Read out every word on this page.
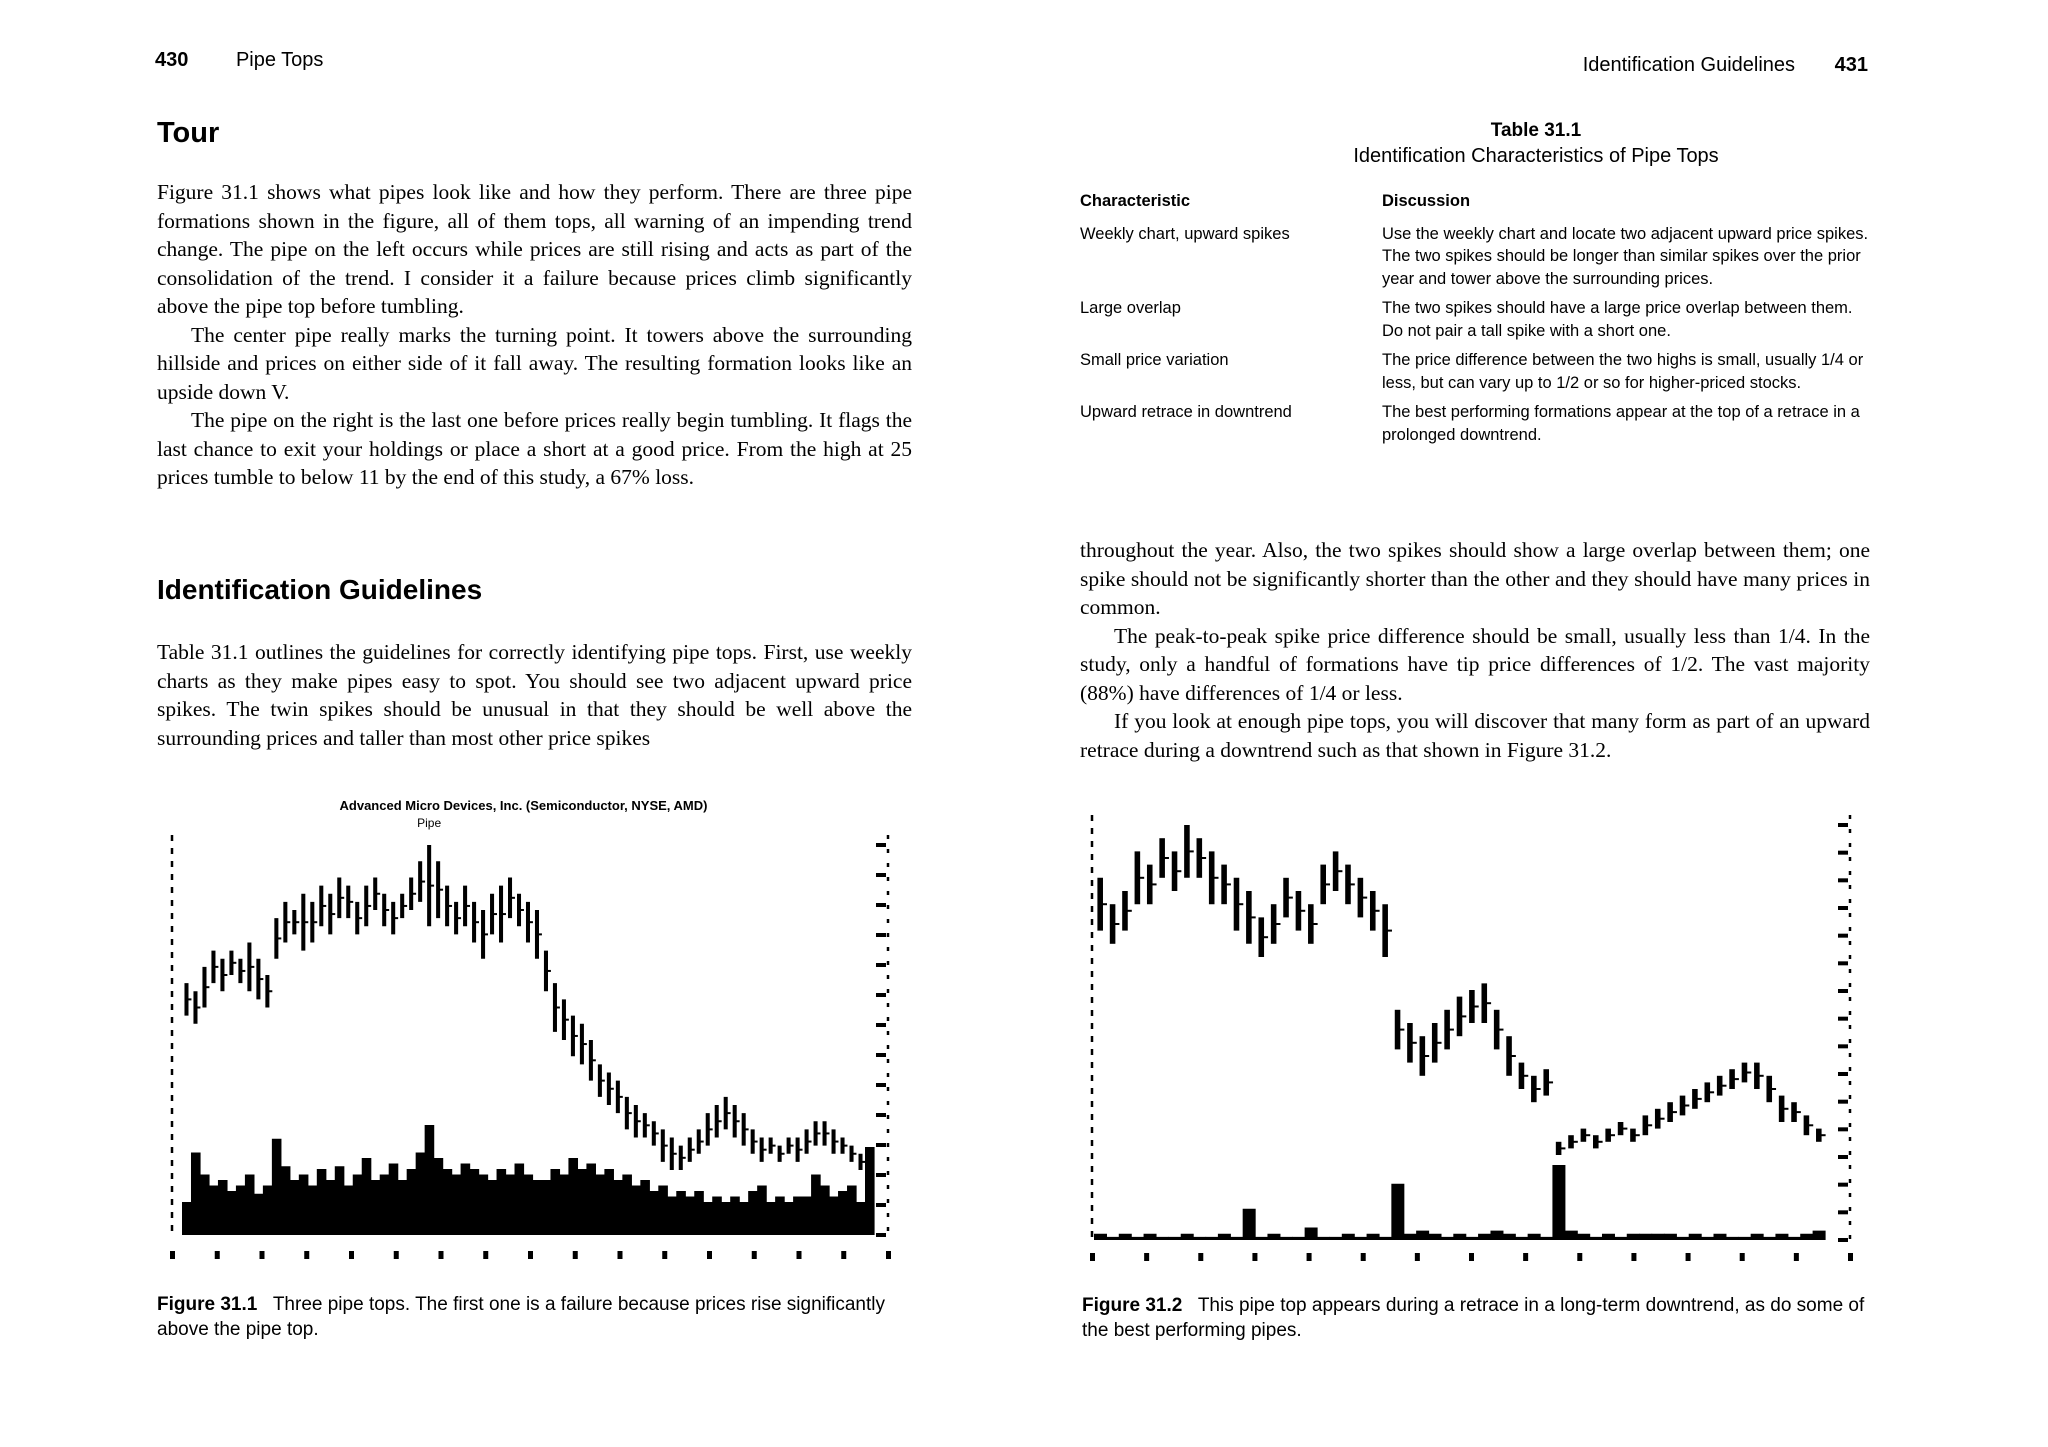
430 Pipe Tops
Tour

Figure 31.1 shows what pipes look like and how they perform. There are three pipe formations shown in the figure, all of them tops, all warning of an impending trend change. The pipe on the left occurs while prices are still rising and acts as part of the consolidation of the trend. I consider it a failure because prices climb significantly above the pipe top before tumbling.

The center pipe really marks the turning point. It towers above the surrounding hillside and prices on either side of it fall away. The resulting formation looks like an upside down V.

The pipe on the right is the last one before prices really begin tumbling. It flags the last chance to exit your holdings or place a short at a good price. From the high at 25 prices tumble to below 11 by the end of this study, a 67% loss.

Identification Guidelines

Table 31.1 outlines the guidelines for correctly identifying pipe tops. First, use weekly charts as they make pipes easy to spot. You should see two adjacent upward price spikes. The twin spikes should be unusual in that they should be well above the surrounding prices and taller than most other price spikes

Advanced Micro Devices, Inc. (Semiconductor, NYSE, AMD)
Pipe
Figure 31.1 Three pipe tops. The first one is a failure because prices rise significantly above the pipe top.
Identification Guidelines 431
Table 31.1
Identification Characteristics of Pipe Tops
Characteristic	Discussion
Weekly chart, upward spikes	Use the weekly chart and locate two adjacent upward price spikes. The two spikes should be longer than similar spikes over the prior year and tower above the surrounding prices.
Large overlap	The two spikes should have a large price overlap between them. Do not pair a tall spike with a short one.
Small price variation	The price difference between the two highs is small, usually 1/4 or less, but can vary up to 1/2 or so for higher-priced stocks.
Upward retrace in downtrend	The best performing formations appear at the top of a retrace in a prolonged downtrend.

throughout the year. Also, the two spikes should show a large overlap between them; one spike should not be significantly shorter than the other and they should have many prices in common.

The peak-to-peak spike price difference should be small, usually less than 1/4. In the study, only a handful of formations have tip price differences of 1/2. The vast majority (88%) have differences of 1/4 or less.

If you look at enough pipe tops, you will discover that many form as part of an upward retrace during a downtrend such as that shown in Figure 31.2.

Figure 31.2 This pipe top appears during a retrace in a long-term downtrend, as do some of the best performing pipes.
